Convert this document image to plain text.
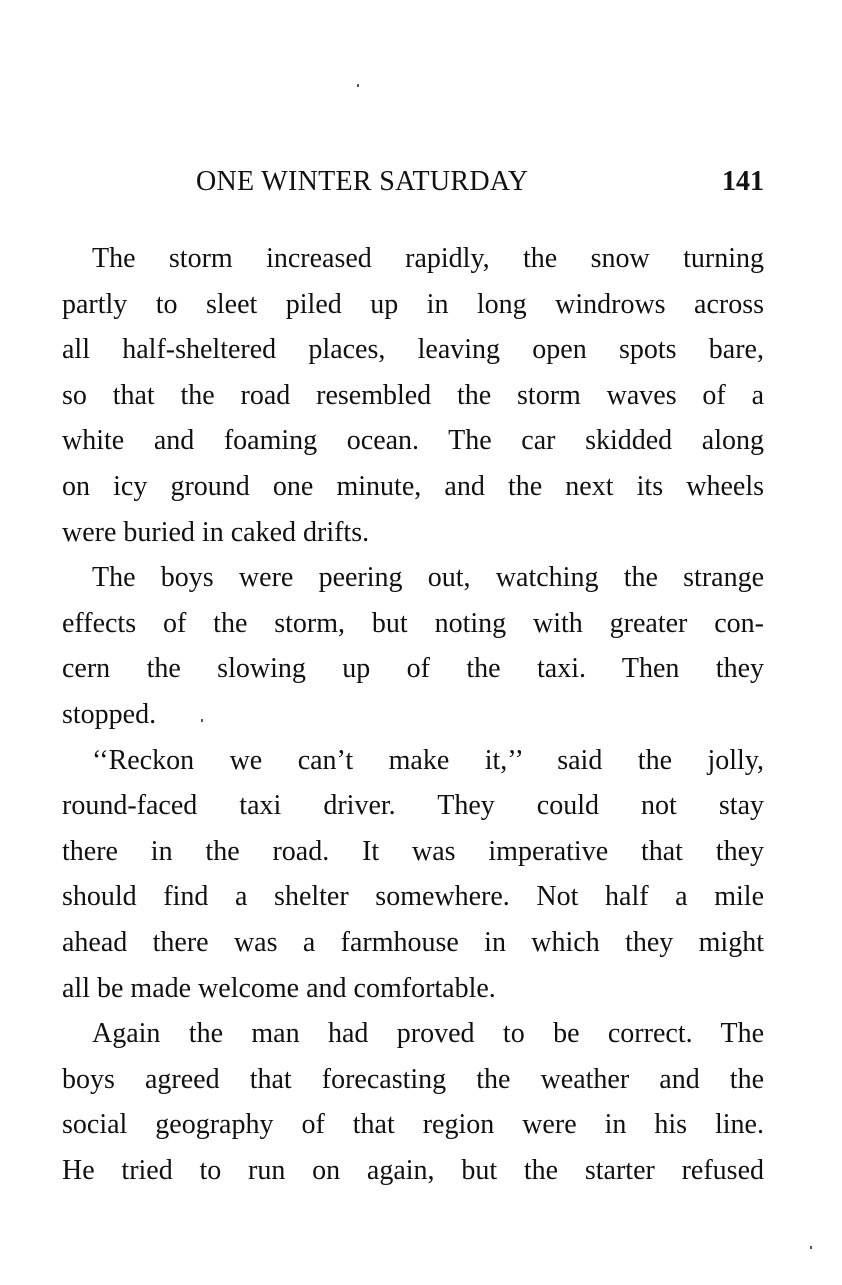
ONE WINTER SATURDAY	141
The storm increased rapidly, the snow turning
partly to sleet piled up in long windrows across
all half-sheltered places, leaving open spots bare,
so that the road resembled the storm waves of a
white and foaming ocean. The car skidded along
on icy ground one minute, and the next its wheels
were buried in caked drifts.
The boys were peering out, watching the strange
effects of the storm, but noting with greater con-
cern the slowing up of the taxi. Then they
stopped.
‘‘Reckon we can’t make it,’’ said the jolly,
round-faced taxi driver. They could not stay
there in the road. It was imperative that they
should find a shelter somewhere. Not half a mile
ahead there was a farmhouse in which they might
all be made welcome and comfortable.
Again the man had proved to be correct. The
boys agreed that forecasting the weather and the
social geography of that region were in his line.
He tried to run on again, but the starter refused
